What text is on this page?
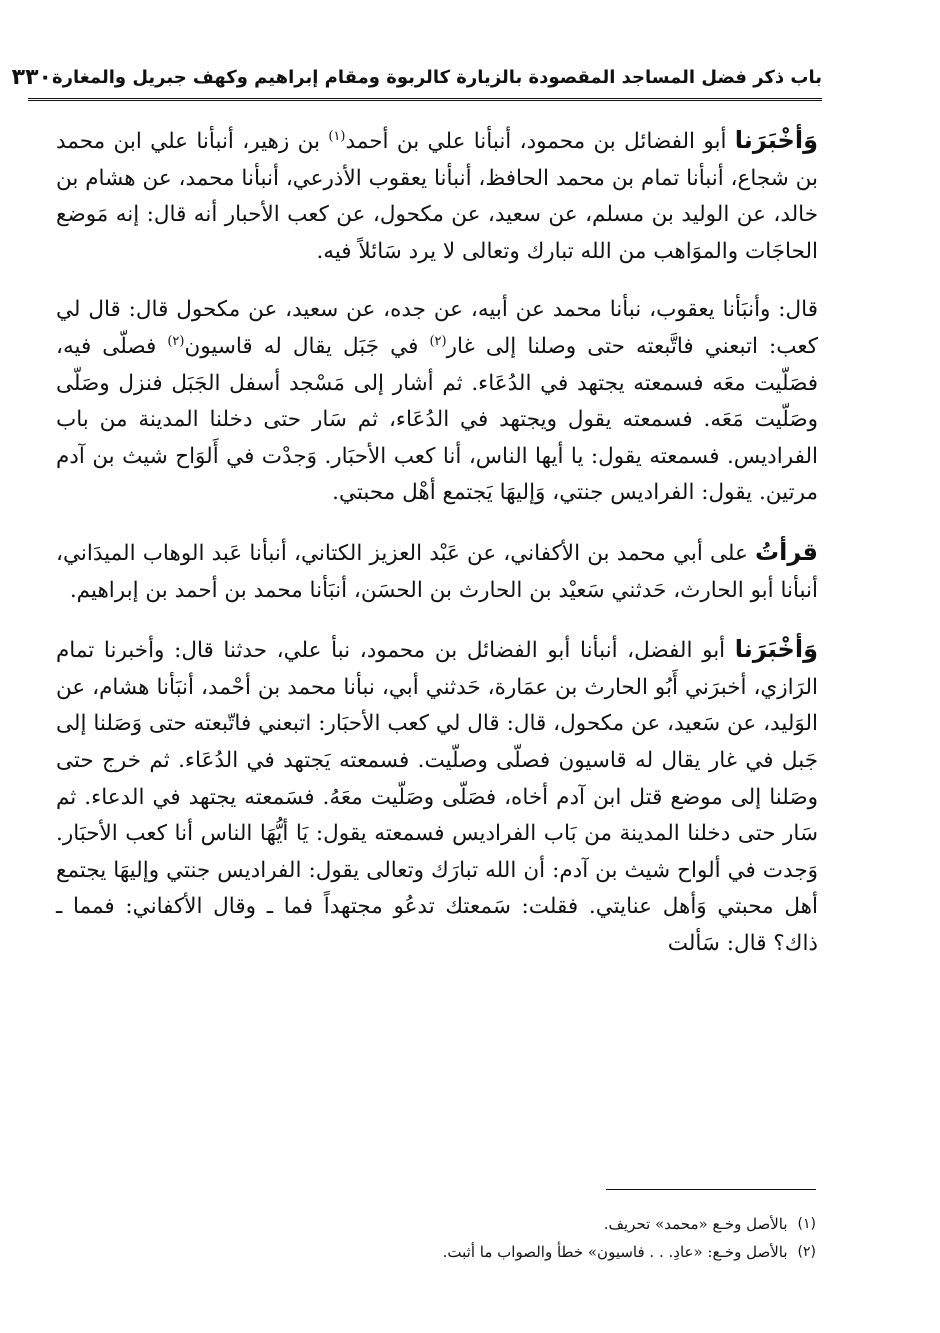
باب ذكر فضل المساجد المقصودة بالزيارة كالربوة ومقام إبراهيم وكهف جبريل والمغارة
٣٣٠

وَأخْبَرَنا أبو الفضائل بن محمود، أنبأنا علي بن أحمد$^{(١)}$ بن زهير، أنبأنا علي ابن محمد بن شجاع، أنبأنا تمام بن محمد الحافظ، أنبأنا يعقوب الأذرعي، أنبأنا محمد، عن هشام بن خالد، عن الوليد بن مسلم، عن سعيد، عن مكحول، عن كعب الأحبار أنه قال: إنه مَوضع الحاجَات والموَاهب من الله تبارك وتعالى لا يرد سَائلاً فيه.

قال: وأنبَأنا يعقوب، نبأنا محمد عن أبيه، عن جده، عن سعيد، عن مكحول قال: قال لي كعب: اتبعني فاتَّبعته حتى وصلنا إلى غار$^{(٢)}$ في جَبَل يقال له قاسيون$^{(٢)}$ فصلّى فيه، فصَلّيت معَه فسمعته يجتهد في الدُعَاء. ثم أشار إلى مَسْجد أسفل الجَبَل فنزل وصَلّى وصَلّيت مَعَه. فسمعته يقول ويجتهد في الدُعَاء، ثم سَار حتى دخلنا المدينة من باب الفراديس. فسمعته يقول: يا أيها الناس، أنا كعب الأحبَار. وَجدْت في أَلوَاح شيث بن آدم مرتين. يقول: الفراديس جنتي، وَإليهَا يَجتمع أهْل محبتي.

قرأتُ على أبي محمد بن الأكفاني، عن عَبْد العزيز الكتاني، أنبأنا عَبد الوهاب الميدَاني، أنبأنا أبو الحارث، حَدثني سَعيْد بن الحارث بن الحسَن، أنبَأنا محمد بن أحمد بن إبراهيم.

وَأخْبَرَنا أبو الفضل، أنبأنا أبو الفضائل بن محمود، نبأ علي، حدثنا قال: وأخبرنا تمام الرَازي، أخبرَني أَبُو الحارث بن عمَارة، حَدثني أبي، نبأنا محمد بن أحْمد، أنبَأنا هشام، عن الوَليد، عن سَعيد، عن مكحول، قال: قال لي كعب الأحبَار: اتبعني فاتّبعته حتى وَصَلنا إلى جَبل في غار يقال له قاسيون فصلّى وصلّيت. فسمعته يَجتهد في الدُعَاء. ثم خرج حتى وصَلنا إلى موضع قتل ابن آدم أخاه، فصَلّى وصَلّيت معَهُ. فسَمعته يجتهد في الدعاء. ثم سَار حتى دخلنا المدينة من بَاب الفراديس فسمعته يقول: يَا أيُّهَا الناس أنا كعب الأحبَار. وَجدت في ألواح شيث بن آدم: أن الله تبارَك وتعالى يقول: الفراديس جنتي وإليهَا يجتمع أهل محبتي وَأهل عنايتي. فقلت: سَمعتك تدعُو مجتهداً فما ـ وقال الأكفاني: فمما ـ ذاك؟ قال: سَألت

(١)
بالأصل وخـع «محمد» تحريف.
(٢)
بالأصل وخـع: «عادِ. . . فاسيون» خطأ والصواب ما أثبت.
